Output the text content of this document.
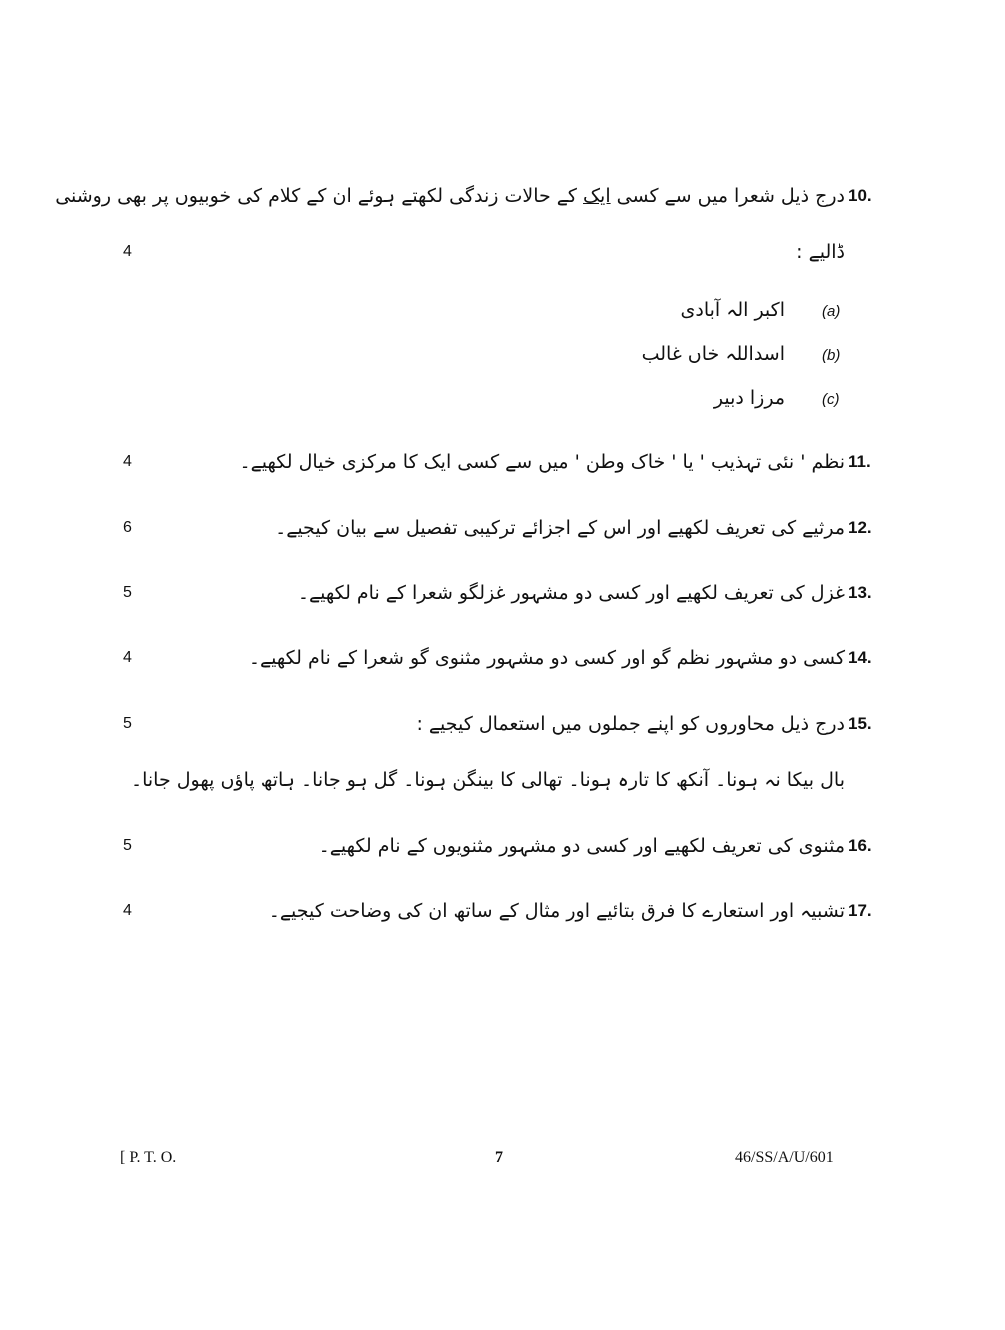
10.
درج ذیل شعرا میں سے کسی ایک کے حالات زندگی لکھتے ہوئے ان کے کلام کی خوبیوں پر بھی روشنی
ڈالیے :
4
(a)
اکبر الہ آبادی
(b)
اسداللہ خاں غالب
(c)
مرزا دبیر
11.
نظم ' نئی تہذیب ' یا ' خاک وطن ' میں سے کسی ایک کا مرکزی خیال لکھیے۔
4
12.
مرثیے کی تعریف لکھیے اور اس کے اجزائے ترکیبی تفصیل سے بیان کیجیے۔
6
13.
غزل کی تعریف لکھیے اور کسی دو مشہور غزلگو شعرا کے نام لکھیے۔
5
14.
کسی دو مشہور نظم گو اور کسی دو مشہور مثنوی گو شعرا کے نام لکھیے۔
4
15.
درج ذیل محاوروں کو اپنے جملوں میں استعمال کیجیے :
5
بال بیکا نہ ہونا۔ آنکھ کا تارہ ہونا۔ تھالی کا بینگن ہونا۔ گل ہو جانا۔ ہاتھ پاؤں پھول جانا۔
16.
مثنوی کی تعریف لکھیے اور کسی دو مشہور مثنویوں کے نام لکھیے۔
5
17.
تشبیہ اور استعارے کا فرق بتائیے اور مثال کے ساتھ ان کی وضاحت کیجیے۔
4
[ P. T. O.	7	46/SS/A/U/601
